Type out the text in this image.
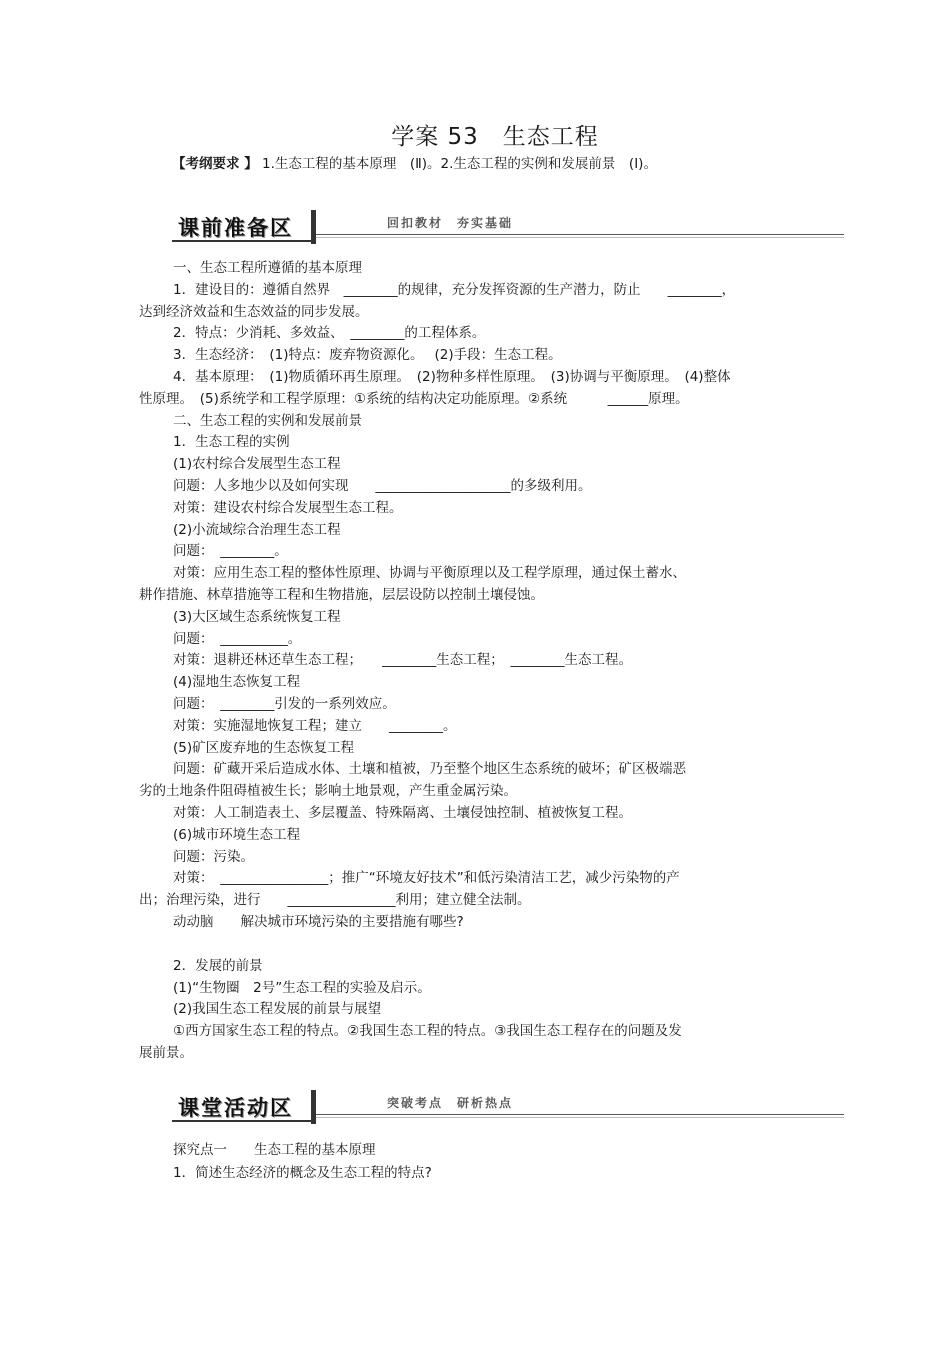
学案 53　生态工程
【考纲要求 】 1.生态工程的基本原理　(Ⅱ)。2.生态工程的实例和发展前景　(Ⅰ)。
课前准备区	回扣教材　夯实基础

一、生态工程所遵循的基本原理

1．建设目的：遵循自然界　________的规律，充分发挥资源的生产潜力，防止　　________，

达到经济效益和生态效益的同步发展。

2．特点：少消耗、多效益、　________的工程体系。

3．生态经济：　(1)特点：废弃物资源化。　 (2)手段：生态工程。

4．基本原理：　(1)物质循环再生原理。　(2)物种多样性原理。　(3)协调与平衡原理。　(4)整体

性原理。　(5)系统学和工程学原理：①系统的结构决定功能原理。②系统　　　______原理。

二、生态工程的实例和发展前景

1．生态工程的实例

(1)农村综合发展型生态工程

问题：人多地少以及如何实现　　____________________的多级利用。

对策：建设农村综合发展型生态工程。

(2)小流域综合治理生态工程

问题：　________。

对策：应用生态工程的整体性原理、协调与平衡原理以及工程学原理，通过保土蓄水、

耕作措施、林草措施等工程和生物措施，层层设防以控制土壤侵蚀。

(3)大区域生态系统恢复工程

问题：　__________。

对策：退耕还林还草生态工程；　　________生态工程；　________生态工程。

(4)湿地生态恢复工程

问题：　________引发的一系列效应。

对策：实施湿地恢复工程；建立　　________。

(5)矿区废弃地的生态恢复工程

问题：矿藏开采后造成水体、土壤和植被，乃至整个地区生态系统的破坏；矿区极端恶

劣的土地条件阻碍植被生长；影响土地景观，产生重金属污染。

对策：人工制造表土、多层覆盖、特殊隔离、土壤侵蚀控制、植被恢复工程。

(6)城市环境生态工程

问题：污染。

对策：　________________；推广“环境友好技术”和低污染清洁工艺，减少污染物的产

出；治理污染，进行　　________________利用；建立健全法制。

动动脑　　解决城市环境污染的主要措施有哪些?

2．发展的前景

(1)“生物圈　2号”生态工程的实验及启示。

(2)我国生态工程发展的前景与展望

①西方国家生态工程的特点。②我国生态工程的特点。③我国生态工程存在的问题及发

展前景。

课堂活动区	突破考点　研析热点

探究点一　　生态工程的基本原理

1．简述生态经济的概念及生态工程的特点?
